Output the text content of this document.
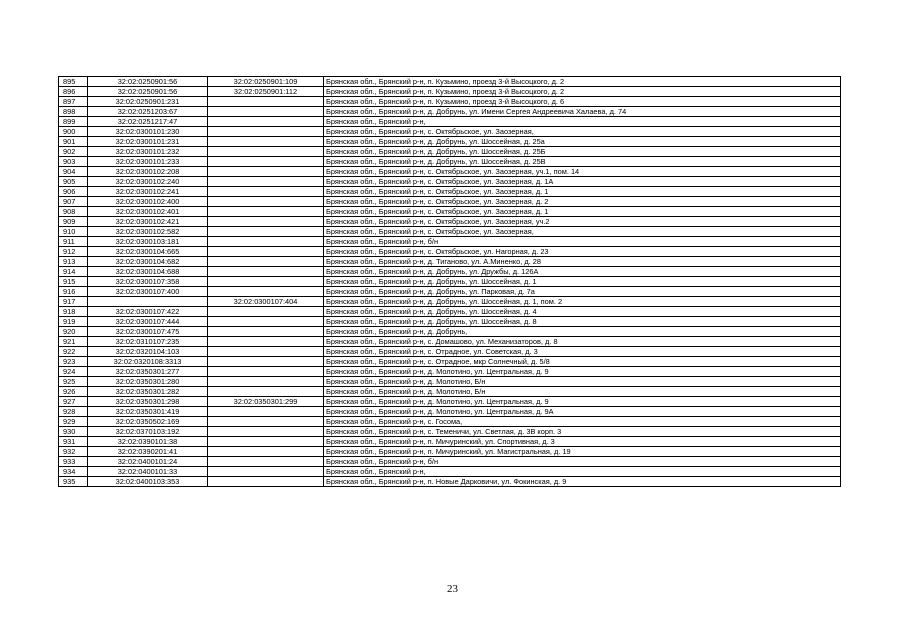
895	32:02:0250901:56	32:02:0250901:109	Брянская обл., Брянский р-н, п. Кузьмино, проезд 3-й Высоцкого, д. 2
896	32:02:0250901:56	32:02:0250901:112	Брянская обл., Брянский р-н, п. Кузьмино, проезд 3-й Высоцкого, д. 2
897	32:02:0250901:231		Брянская обл., Брянский р-н, п. Кузьмино, проезд 3-й Высоцкого, д. 6
898	32:02:0251203:67		Брянская обл., Брянский р-н, д. Добрунь, ул. Имени Сергея Андреевича Халаева, д. 74
899	32:02:0251217:47		Брянская обл., Брянский р-н,
900	32:02:0300101:230		Брянская обл., Брянский р-н, с. Октябрьское, ул. Заозерная,
901	32:02:0300101:231		Брянская обл., Брянский р-н, д. Добрунь, ул. Шоссейная, д. 25а
902	32:02:0300101:232		Брянская обл., Брянский р-н, д. Добрунь, ул. Шоссейная, д. 25Б
903	32:02:0300101:233		Брянская обл., Брянский р-н, д. Добрунь, ул. Шоссейная, д. 25В
904	32:02:0300102:208		Брянская обл., Брянский р-н, с. Октябрьское, ул. Заозерная, уч.1, пом. 14
905	32:02:0300102:240		Брянская обл., Брянский р-н, с. Октябрьское, ул. Заозерная, д. 1А
906	32:02:0300102:241		Брянская обл., Брянский р-н, с. Октябрьское, ул. Заозерная, д. 1
907	32:02:0300102:400		Брянская обл., Брянский р-н, с. Октябрьское, ул. Заозерная, д. 2
908	32:02:0300102:401		Брянская обл., Брянский р-н, с. Октябрьское, ул. Заозерная, д. 1
909	32:02:0300102:421		Брянская обл., Брянский р-н, с. Октябрьское, ул. Заозерная, уч.2
910	32:02:0300102:582		Брянская обл., Брянский р-н, с. Октябрьское, ул. Заозерная,
911	32:02:0300103:181		Брянская обл., Брянский р-н, б/н
912	32:02:0300104:665		Брянская обл., Брянский р-н, с. Октябрьское, ул. Нагорная, д. 23
913	32:02:0300104:682		Брянская обл., Брянский р-н, д. Тиганово, ул. А.Миненко, д. 28
914	32:02:0300104:688		Брянская обл., Брянский р-н, д. Добрунь, ул. Дружбы, д. 126А
915	32:02:0300107:358		Брянская обл., Брянский р-н, д. Добрунь, ул. Шоссейная, д. 1
916	32:02:0300107:400		Брянская обл., Брянский р-н, д. Добрунь, ул. Парковая, д. 7а
917		32:02:0300107:404	Брянская обл., Брянский р-н, д. Добрунь, ул. Шоссейная, д. 1, пом. 2
918	32:02:0300107:422		Брянская обл., Брянский р-н, д. Добрунь, ул. Шоссейная, д. 4
919	32:02:0300107:444		Брянская обл., Брянский р-н, д. Добрунь, ул. Шоссейная, д. 8
920	32:02:0300107:475		Брянская обл., Брянский р-н, д. Добрунь,
921	32:02:0310107:235		Брянская обл., Брянский р-н, с. Домашово, ул. Механизаторов, д. 8
922	32:02:0320104:103		Брянская обл., Брянский р-н, с. Отрадное, ул. Советская, д. 3
923	32:02:0320108:3313		Брянская обл., Брянский р-н, с. Отрадное, мкр Солнечный, д. 5/8
924	32:02:0350301:277		Брянская обл., Брянский р-н, д. Молотино, ул. Центральная, д. 9
925	32:02:0350301:280		Брянская обл., Брянский р-н, д. Молотино, Б/н
926	32:02:0350301:282		Брянская обл., Брянский р-н, д. Молотино, Б/н
927	32:02:0350301:298	32:02:0350301:299	Брянская обл., Брянский р-н, д. Молотино, ул. Центральная, д. 9
928	32:02:0350301:419		Брянская обл., Брянский р-н, д. Молотино, ул. Центральная, д. 9А
929	32:02:0350502:169		Брянская обл., Брянский р-н, с. Госома,
930	32:02:0370103:192		Брянская обл., Брянский р-н, с. Теменичи, ул. Светлая, д. 3В корп. 3
931	32:02:0390101:38		Брянская обл., Брянский р-н, п. Мичуринский, ул. Спортивная, д. 3
932	32:02:0390201:41		Брянская обл., Брянский р-н, п. Мичуринский, ул. Магистральная, д. 19
933	32:02:0400101:24		Брянская обл., Брянский р-н, б/н
934	32:02:0400101:33		Брянская обл., Брянский р-н,
935	32:02:0400103:353		Брянская обл., Брянский р-н, п. Новые Дарковичи, ул. Фокинская, д. 9
23
